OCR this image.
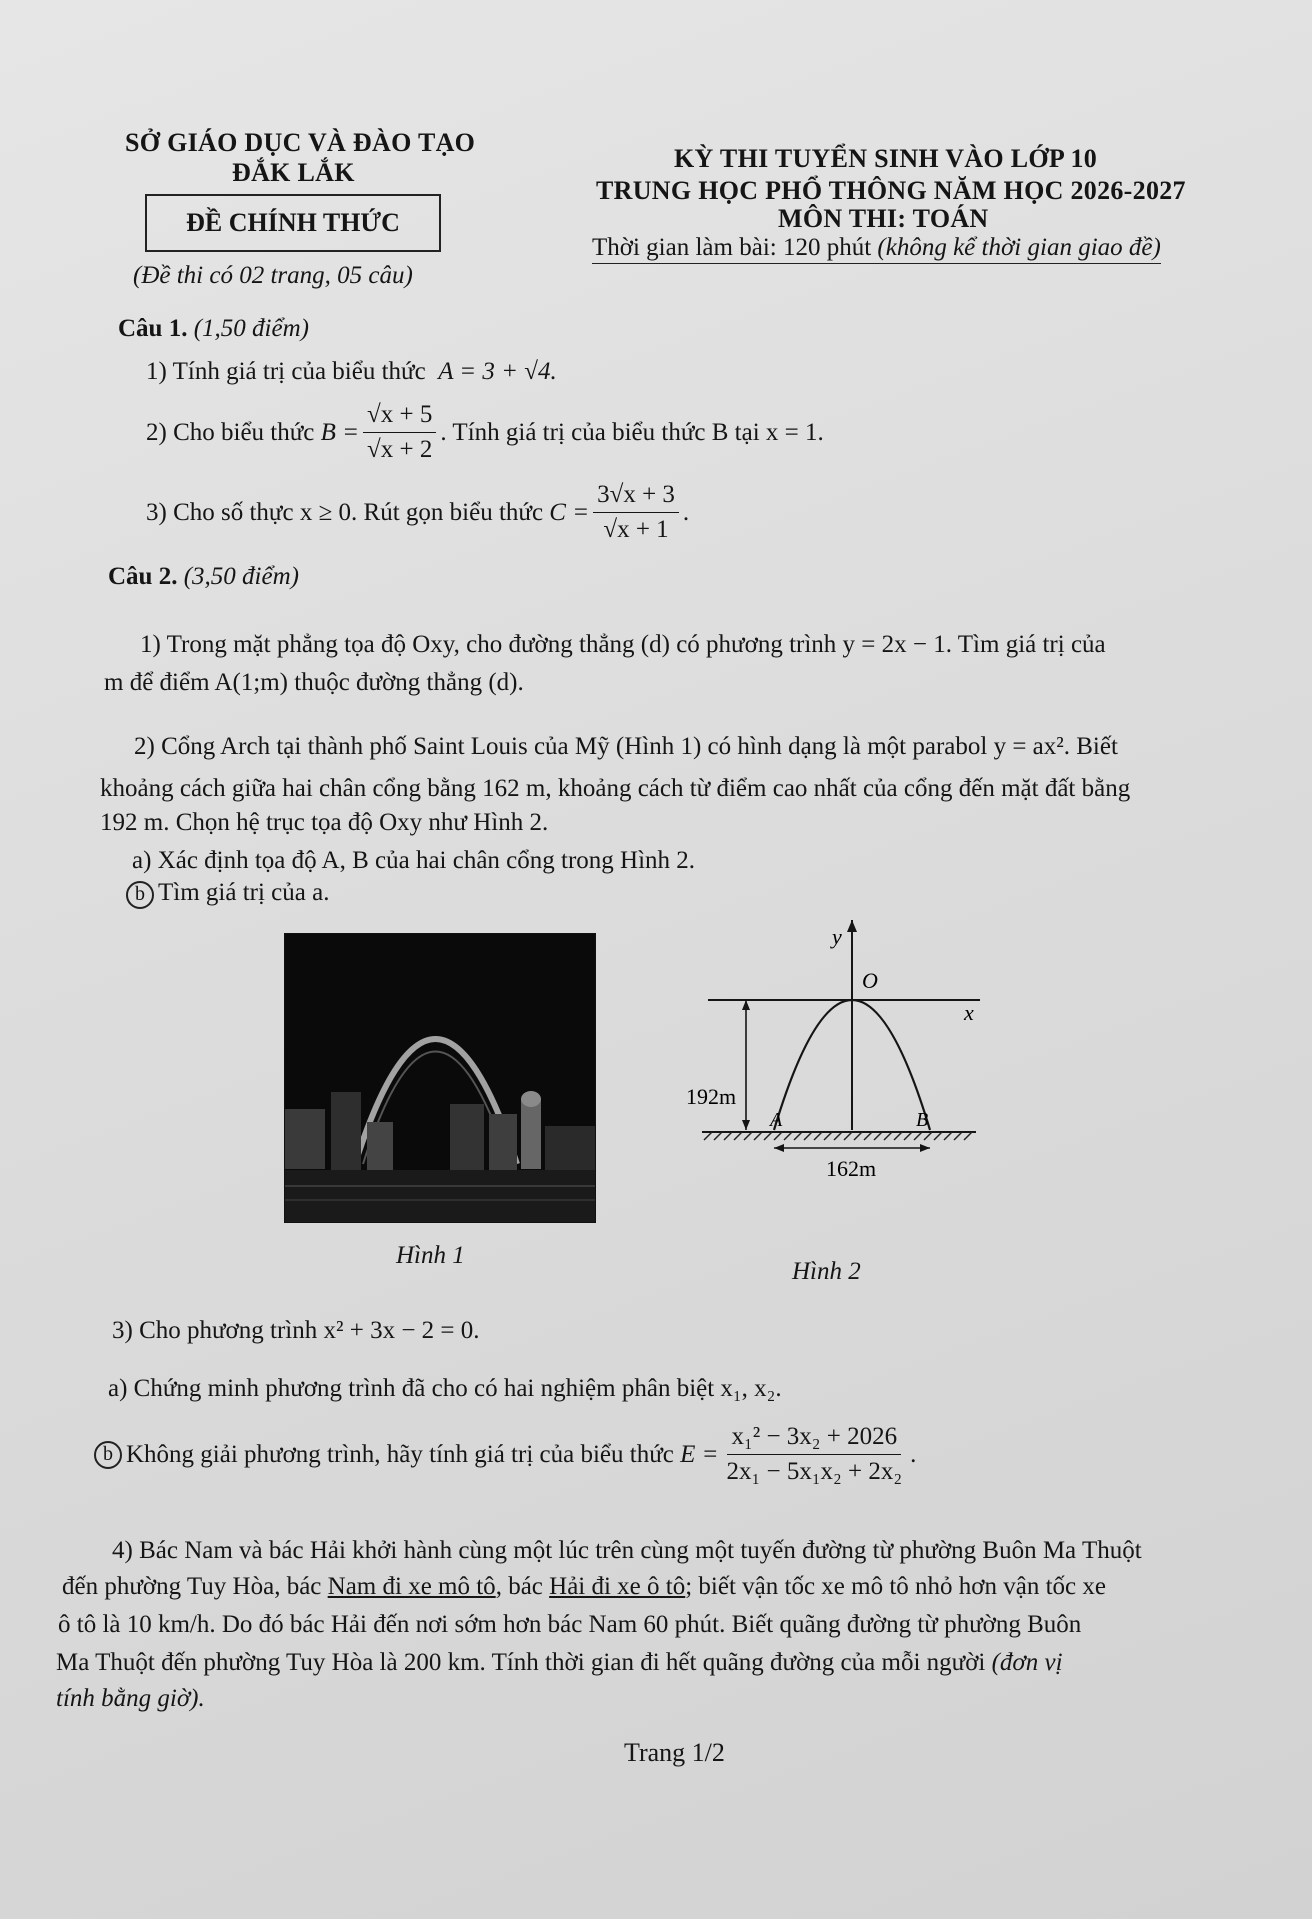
SỞ GIÁO DỤC VÀ ĐÀO TẠO
ĐẮK LẮK
ĐỀ CHÍNH THỨC
(Đề thi có 02 trang, 05 câu)
KỲ THI TUYỂN SINH VÀO LỚP 10
TRUNG HỌC PHỔ THÔNG NĂM HỌC 2026-2027
MÔN THI: TOÁN
Thời gian làm bài: 120 phút (không kể thời gian giao đề)
Câu 1. (1,50 điểm)
1) Tính giá trị của biểu thức A = 3 + √4.
2) Cho biểu thức
$B = \frac{√x + 5}{√x + 2}$ . Tính giá trị của biểu thức B tại x = 1.
3) Cho số thực x ≥ 0. Rút gọn biểu thức
$C = \frac{3√x + 3}{√x + 1}$ .
Câu 2. (3,50 điểm)
1) Trong mặt phẳng tọa độ Oxy, cho đường thẳng (d) có phương trình y = 2x − 1. Tìm giá trị của
m để điểm A(1;m) thuộc đường thẳng (d).
2) Cổng Arch tại thành phố Saint Louis của Mỹ (Hình 1) có hình dạng là một parabol y = ax². Biết
khoảng cách giữa hai chân cổng bằng 162 m, khoảng cách từ điểm cao nhất của cổng đến mặt đất bằng
192 m. Chọn hệ trục tọa độ Oxy như Hình 2.
a) Xác định tọa độ A, B của hai chân cổng trong Hình 2.
b Tìm giá trị của a.
Hình 1
y
x
O
192m
A	B
162m
Hình 2
3) Cho phương trình x² + 3x − 2 = 0.
a) Chứng minh phương trình đã cho có hai nghiệm phân biệt x₁, x₂.
b Không giải phương trình, hãy tính giá trị của biểu thức
$E = \frac{\text{x₁² − 3x₂ + 2026}}{\text{2x₁ − 5x₁x₂ + 2x₂}}$ .
4) Bác Nam và bác Hải khởi hành cùng một lúc trên cùng một tuyến đường từ phường Buôn Ma Thuột
đến phường Tuy Hòa, bác Nam đi xe mô tô, bác Hải đi xe ô tô; biết vận tốc xe mô tô nhỏ hơn vận tốc xe
ô tô là 10 km/h. Do đó bác Hải đến nơi sớm hơn bác Nam 60 phút. Biết quãng đường từ phường Buôn
Ma Thuột đến phường Tuy Hòa là 200 km. Tính thời gian đi hết quãng đường của mỗi người (đơn vị
tính bằng giờ).
Trang 1/2
